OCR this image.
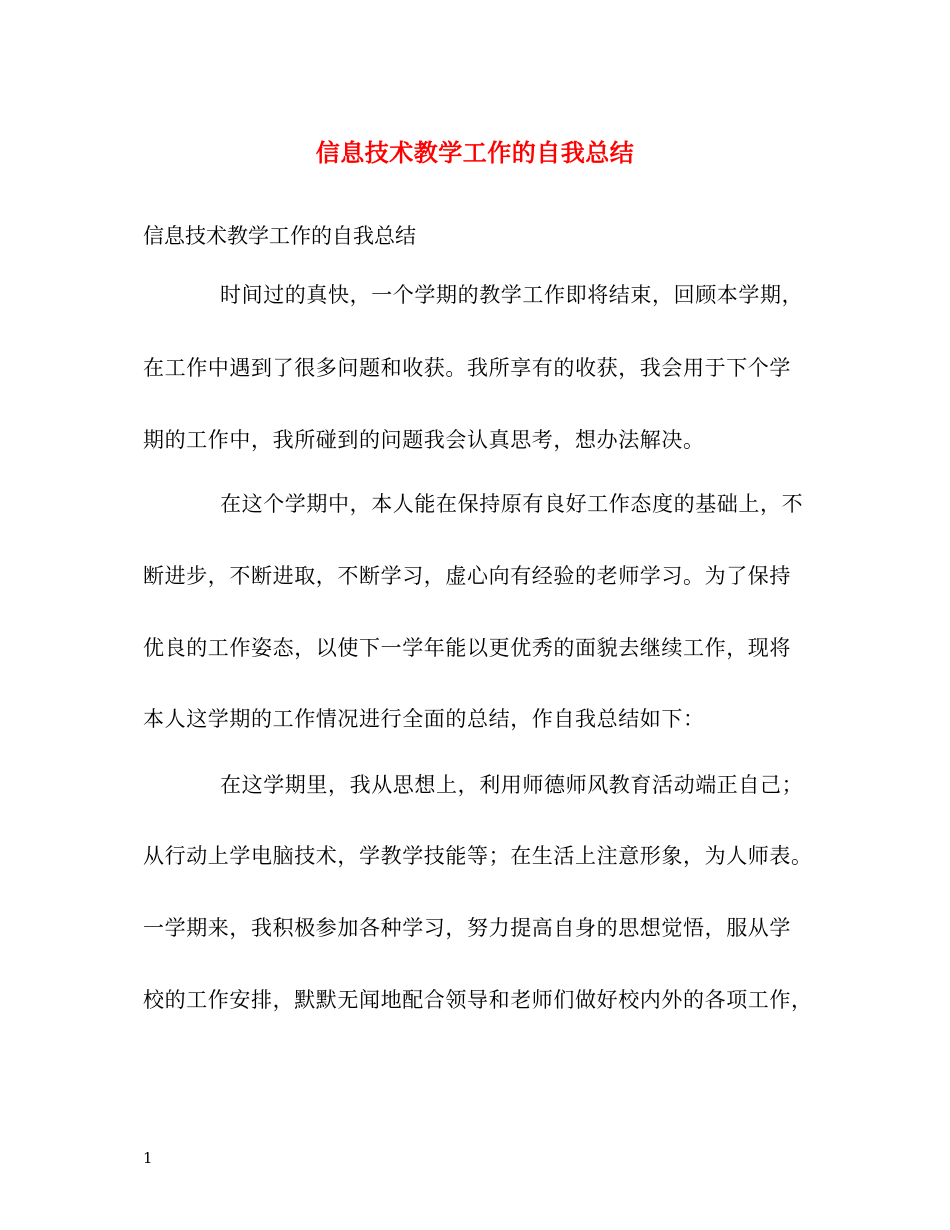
信息技术教学工作的自我总结
信息技术教学工作的自我总结
时间过的真快，一个学期的教学工作即将结束，回顾本学期，
在工作中遇到了很多问题和收获。我所享有的收获，我会用于下个学
期的工作中，我所碰到的问题我会认真思考，想办法解决。
在这个学期中，本人能在保持原有良好工作态度的基础上，不
断进步，不断进取，不断学习，虚心向有经验的老师学习。为了保持
优良的工作姿态，以使下一学年能以更优秀的面貌去继续工作，现将
本人这学期的工作情况进行全面的总结，作自我总结如下：
在这学期里，我从思想上，利用师德师风教育活动端正自己；
从行动上学电脑技术，学教学技能等；在生活上注意形象，为人师表。
一学期来，我积极参加各种学习，努力提高自身的思想觉悟，服从学
校的工作安排，默默无闻地配合领导和老师们做好校内外的各项工作，
1
